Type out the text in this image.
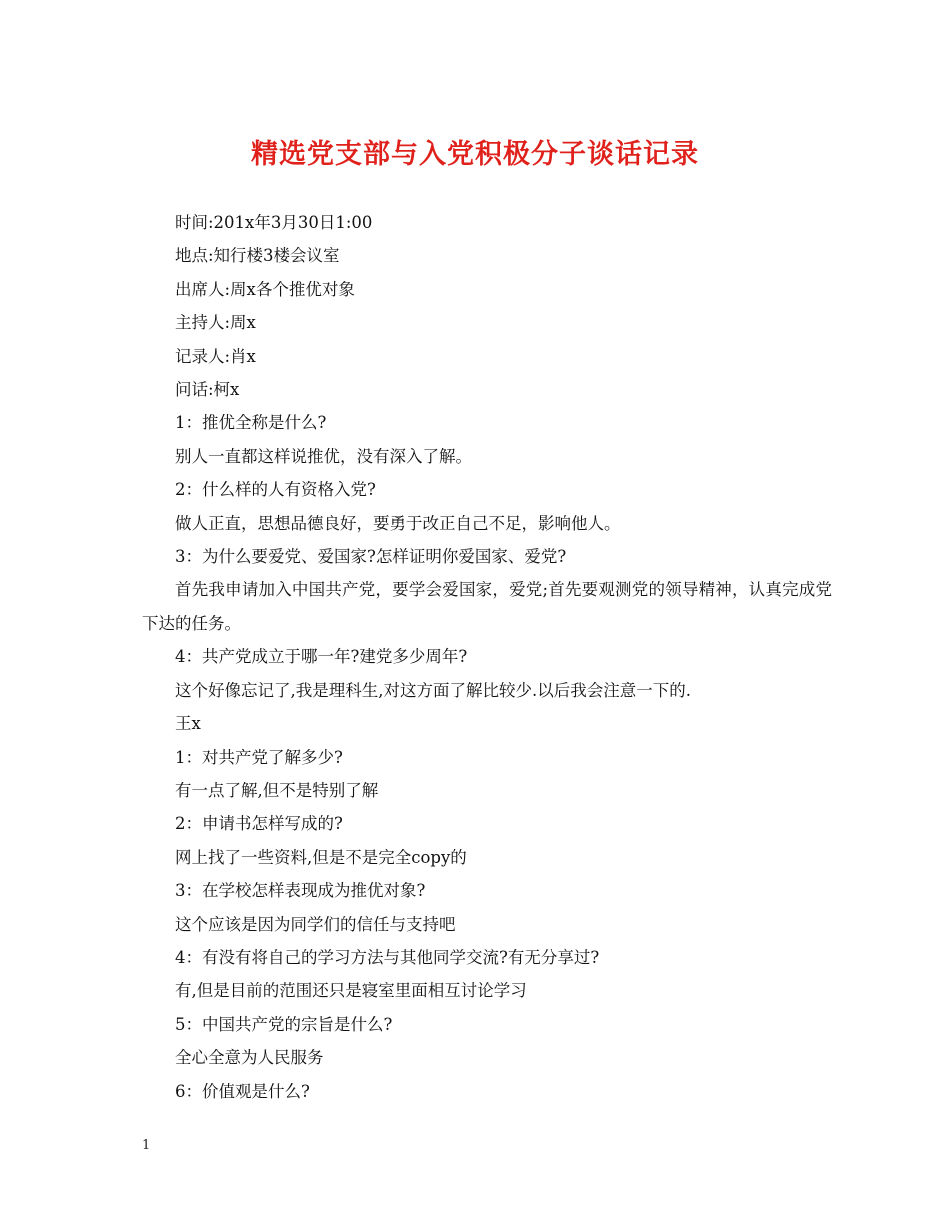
精选党支部与入党积极分子谈话记录

时间:201x年3月30日1:00

地点:知行楼3楼会议室

出席人:周x各个推优对象

主持人:周x

记录人:肖x

问话:柯x

1：推优全称是什么?

别人一直都这样说推优，没有深入了解。

2：什么样的人有资格入党?

做人正直，思想品德良好，要勇于改正自己不足，影响他人。

3：为什么要爱党、爱国家?怎样证明你爱国家、爱党?

首先我申请加入中国共产党，要学会爱国家，爱党;首先要观测党的领导精神，认真完成党下达的任务。

4：共产党成立于哪一年?建党多少周年?

这个好像忘记了,我是理科生,对这方面了解比较少.以后我会注意一下的.

王x

1：对共产党了解多少?

有一点了解,但不是特别了解

2：申请书怎样写成的?

网上找了一些资料,但是不是完全copy的

3：在学校怎样表现成为推优对象?

这个应该是因为同学们的信任与支持吧

4：有没有将自己的学习方法与其他同学交流?有无分享过?

有,但是目前的范围还只是寝室里面相互讨论学习

5：中国共产党的宗旨是什么?

全心全意为人民服务

6：价值观是什么?

1
